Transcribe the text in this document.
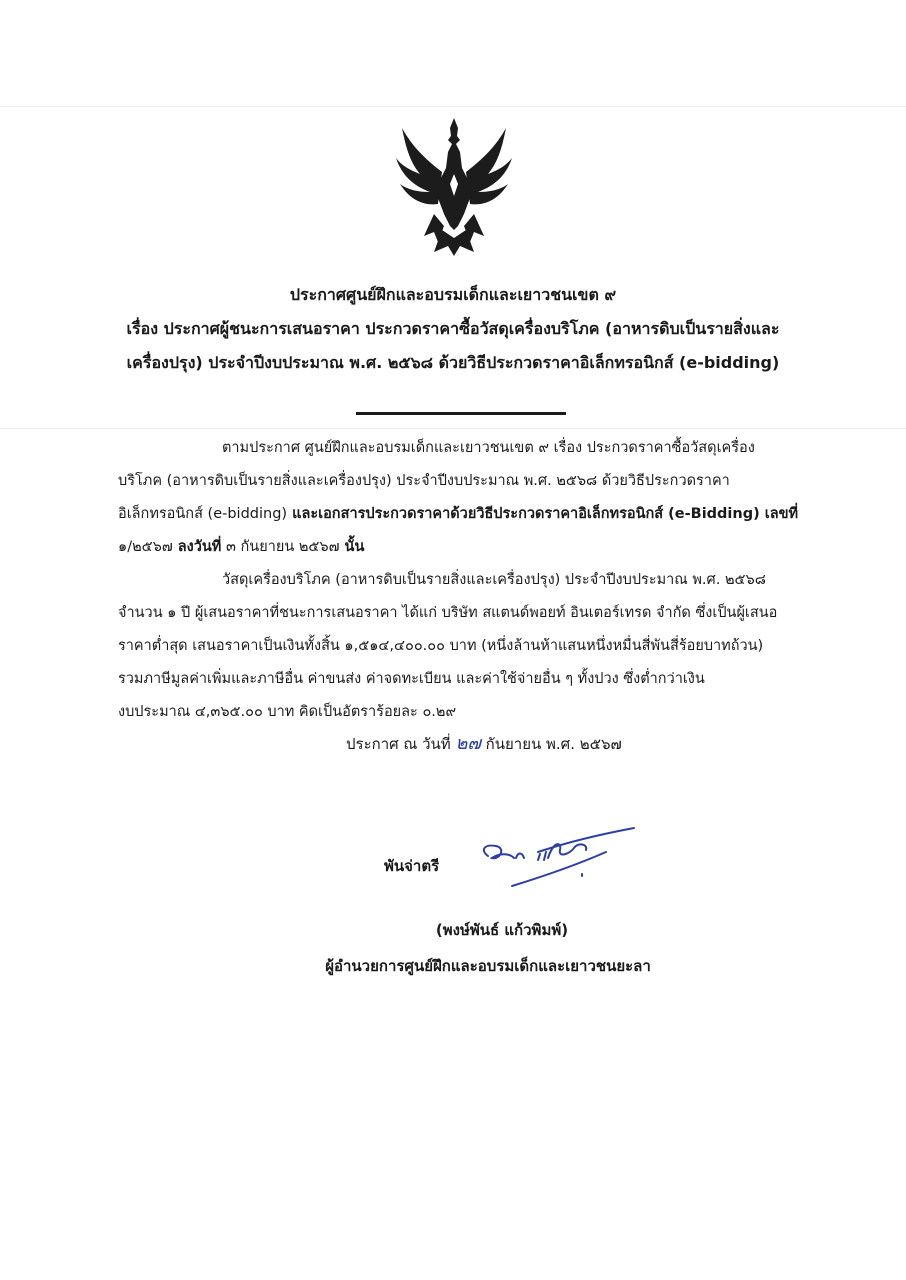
ประกาศศูนย์ฝึกและอบรมเด็กและเยาวชนเขต ๙
เรื่อง ประกาศผู้ชนะการเสนอราคา ประกวดราคาซื้อวัสดุเครื่องบริโภค (อาหารดิบเป็นรายสิ่งและ
เครื่องปรุง) ประจำปีงบประมาณ พ.ศ. ๒๕๖๘ ด้วยวิธีประกวดราคาอิเล็กทรอนิกส์ (e-bidding)
ตามประกาศ ศูนย์ฝึกและอบรมเด็กและเยาวชนเขต ๙ เรื่อง ประกวดราคาซื้อวัสดุเครื่อง
บริโภค (อาหารดิบเป็นรายสิ่งและเครื่องปรุง) ประจำปีงบประมาณ พ.ศ. ๒๕๖๘ ด้วยวิธีประกวดราคา
อิเล็กทรอนิกส์ (e-bidding) และเอกสารประกวดราคาด้วยวิธีประกวดราคาอิเล็กทรอนิกส์ (e-Bidding) เลขที่
๑/๒๕๖๗ ลงวันที่ ๓ กันยายน ๒๕๖๗ นั้น
วัสดุเครื่องบริโภค (อาหารดิบเป็นรายสิ่งและเครื่องปรุง) ประจำปีงบประมาณ พ.ศ. ๒๕๖๘
จำนวน ๑ ปี ผู้เสนอราคาที่ชนะการเสนอราคา ได้แก่ บริษัท สแตนด์พอยท์ อินเตอร์เทรด จำกัด ซึ่งเป็นผู้เสนอ
ราคาต่ำสุด เสนอราคาเป็นเงินทั้งสิ้น ๑,๕๑๔,๔๐๐.๐๐ บาท (หนึ่งล้านห้าแสนหนึ่งหมื่นสี่พันสี่ร้อยบาทถ้วน)
รวมภาษีมูลค่าเพิ่มและภาษีอื่น ค่าขนส่ง ค่าจดทะเบียน และค่าใช้จ่ายอื่น ๆ ทั้งปวง ซึ่งต่ำกว่าเงิน
งบประมาณ ๔,๓๖๕.๐๐ บาท คิดเป็นอัตราร้อยละ ๐.๒๙
ประกาศ ณ วันที่ ๒๗ กันยายน พ.ศ. ๒๕๖๗
พันจ่าตรี
(พงษ์พันธ์ แก้วพิมพ์)
ผู้อำนวยการศูนย์ฝึกและอบรมเด็กและเยาวชนยะลา
